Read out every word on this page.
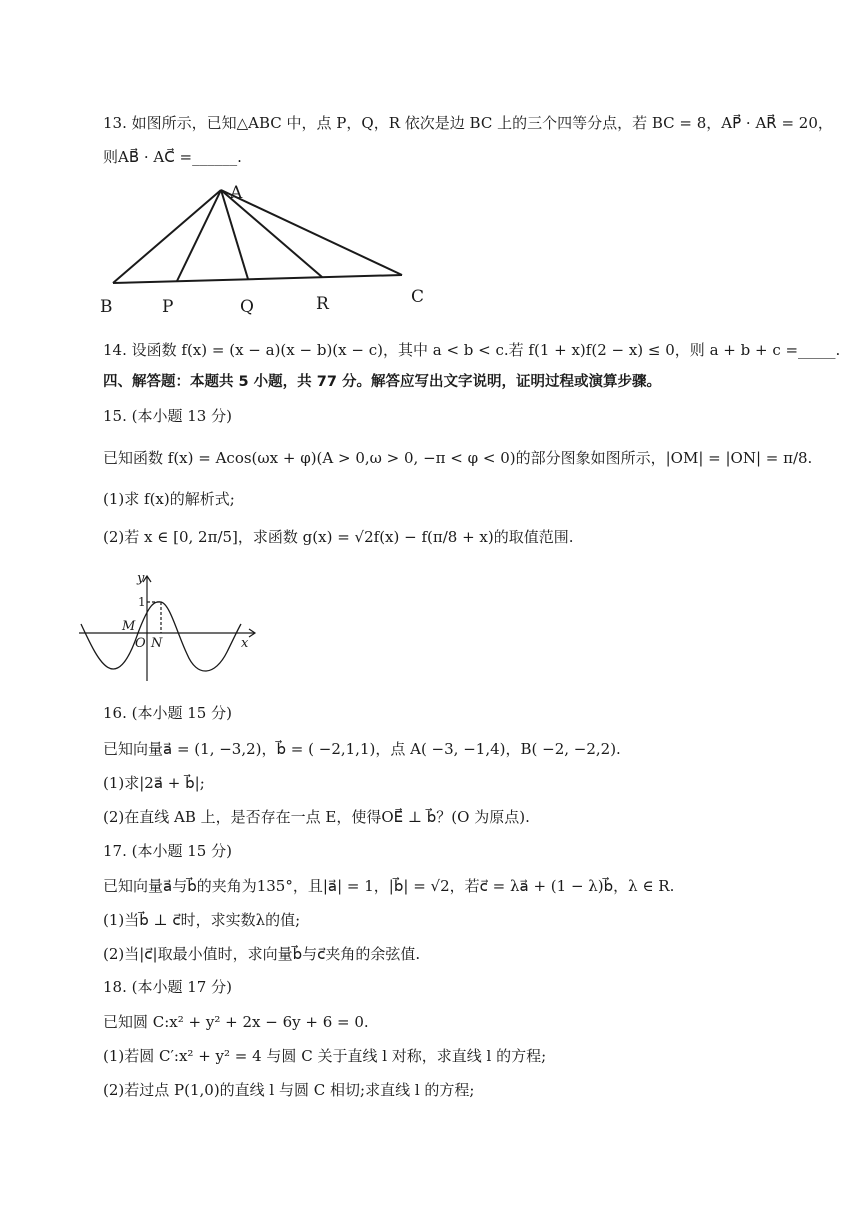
13. 如图所示，已知△ABC 中，点 P，Q，R 依次是边 BC 上的三个四等分点，若 BC = 8，AP⃗ · AR⃗ = 20，
则AB⃗ · AC⃗ =______.
A
B	P	Q	R	C
14. 设函数 f(x) = (x − a)(x − b)(x − c)，其中 a < b < c.若 f(1 + x)f(2 − x) ≤ 0，则 a + b + c =_____.
四、解答题：本题共 5 小题，共 77 分。解答应写出文字说明，证明过程或演算步骤。
15. (本小题 13 分)
已知函数 f(x) = Acos(ωx + φ)(A > 0,ω > 0, −π < φ < 0)的部分图象如图所示，|OM| = |ON| = π/8.
(1)求 f(x)的解析式;
(2)若 x ∈ [0, 2π/5]，求函数 g(x) = √2f(x) − f(π/8 + x)的取值范围.
y
1
M
O N	x
16. (本小题 15 分)
已知向量a⃗ = (1, −3,2)，b⃗ = ( −2,1,1)，点 A( −3, −1,4)，B( −2, −2,2).
(1)求|2a⃗ + b⃗|;
(2)在直线 AB 上，是否存在一点 E，使得OE⃗ ⊥ b⃗？(O 为原点).
17. (本小题 15 分)
已知向量a⃗与b⃗的夹角为135°，且|a⃗| = 1，|b⃗| = √2，若c⃗ = λa⃗ + (1 − λ)b⃗，λ ∈ R.
(1)当b⃗ ⊥ c⃗时，求实数λ的值;
(2)当|c⃗|取最小值时，求向量b⃗与c⃗夹角的余弦值.
18. (本小题 17 分)
已知圆 C:x² + y² + 2x − 6y + 6 = 0.
(1)若圆 C′:x² + y² = 4 与圆 C 关于直线 l 对称，求直线 l 的方程;
(2)若过点 P(1,0)的直线 l 与圆 C 相切;求直线 l 的方程;
